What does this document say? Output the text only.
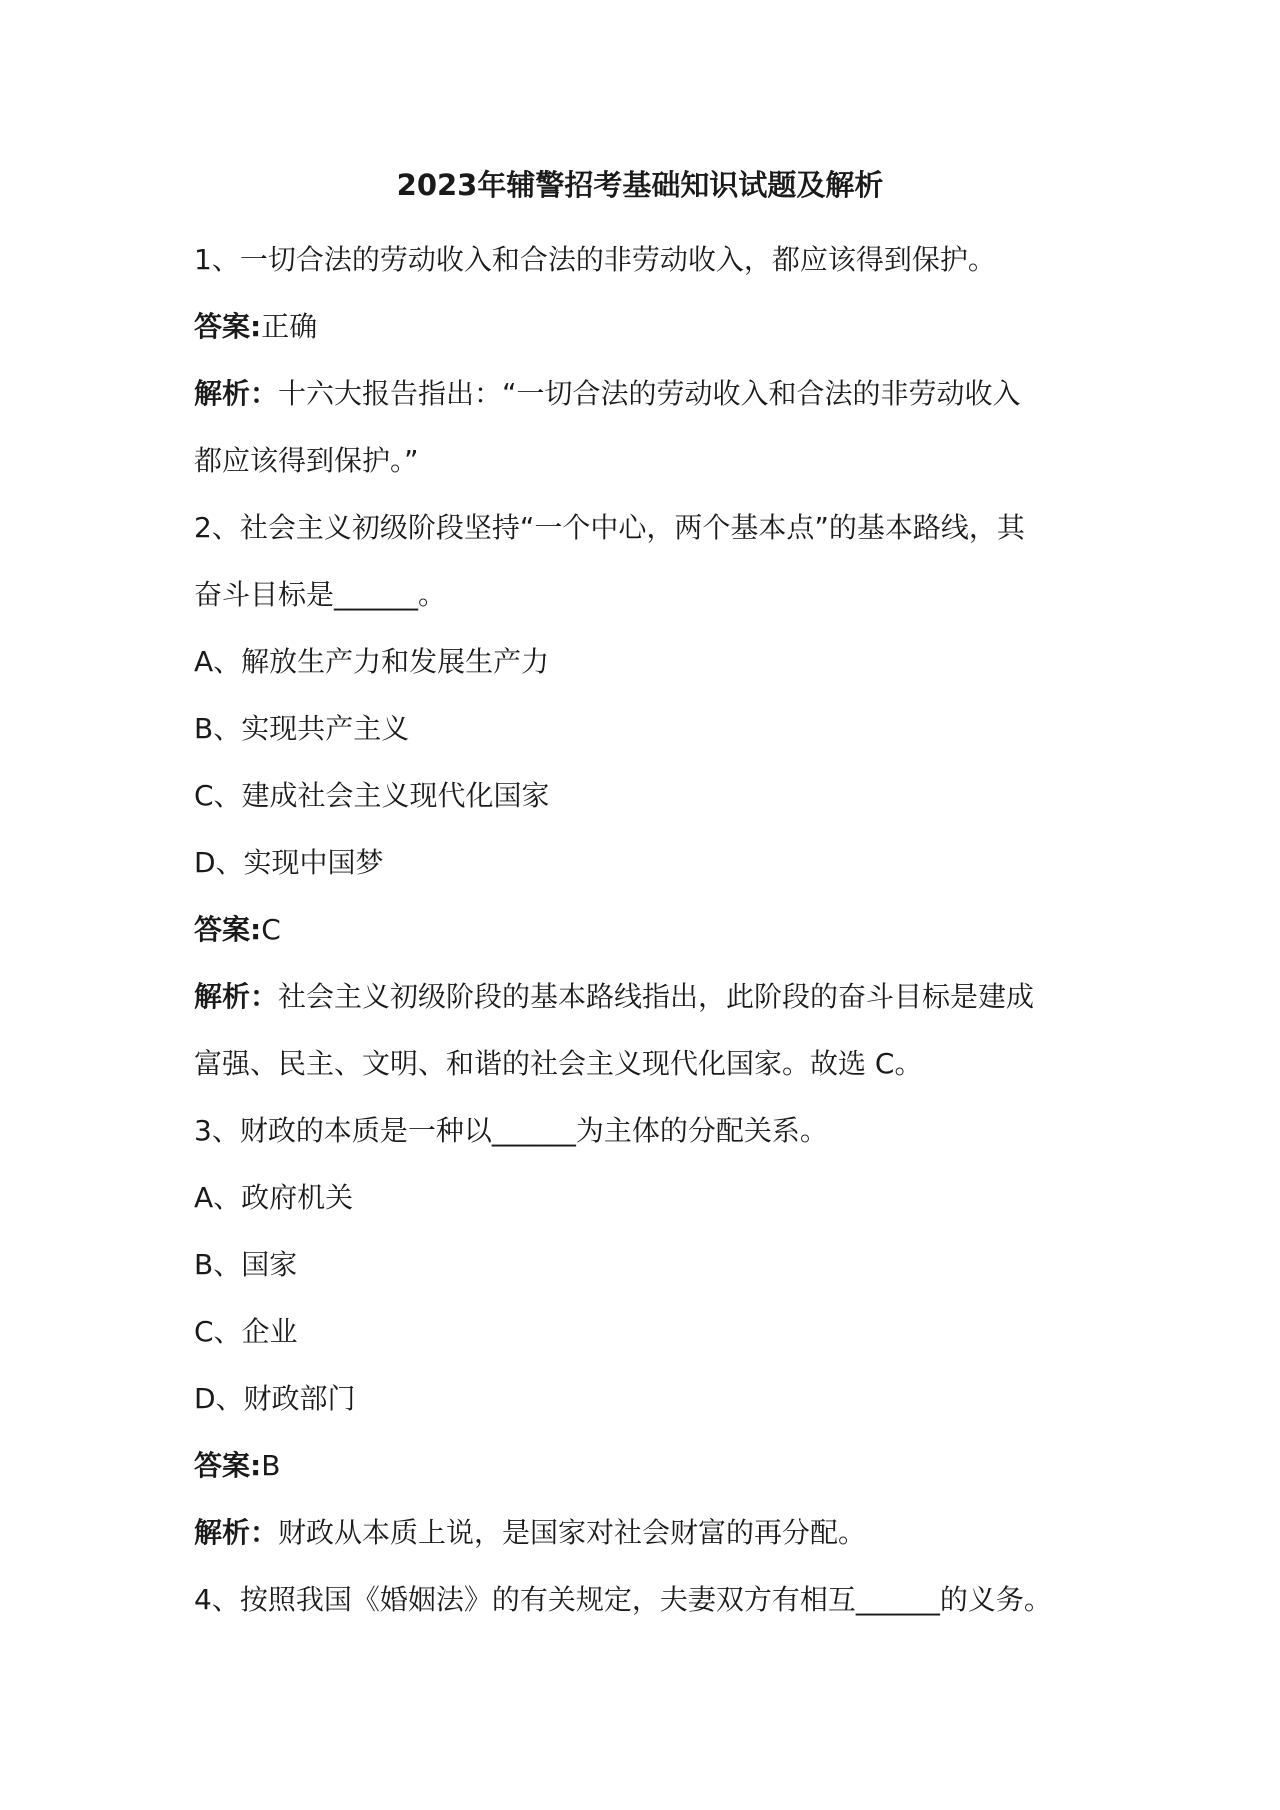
2023年辅警招考基础知识试题及解析
1、一切合法的劳动收入和合法的非劳动收入，都应该得到保护。
答案:正确
解析：十六大报告指出：“一切合法的劳动收入和合法的非劳动收入
都应该得到保护。”
2、社会主义初级阶段坚持“一个中心，两个基本点”的基本路线，其
奋斗目标是______。
A、解放生产力和发展生产力
B、实现共产主义
C、建成社会主义现代化国家
D、实现中国梦
答案:C
解析：社会主义初级阶段的基本路线指出，此阶段的奋斗目标是建成
富强、民主、文明、和谐的社会主义现代化国家。故选 C。
3、财政的本质是一种以______为主体的分配关系。
A、政府机关
B、国家
C、企业
D、财政部门
答案:B
解析：财政从本质上说，是国家对社会财富的再分配。
4、按照我国《婚姻法》的有关规定，夫妻双方有相互______的义务。
